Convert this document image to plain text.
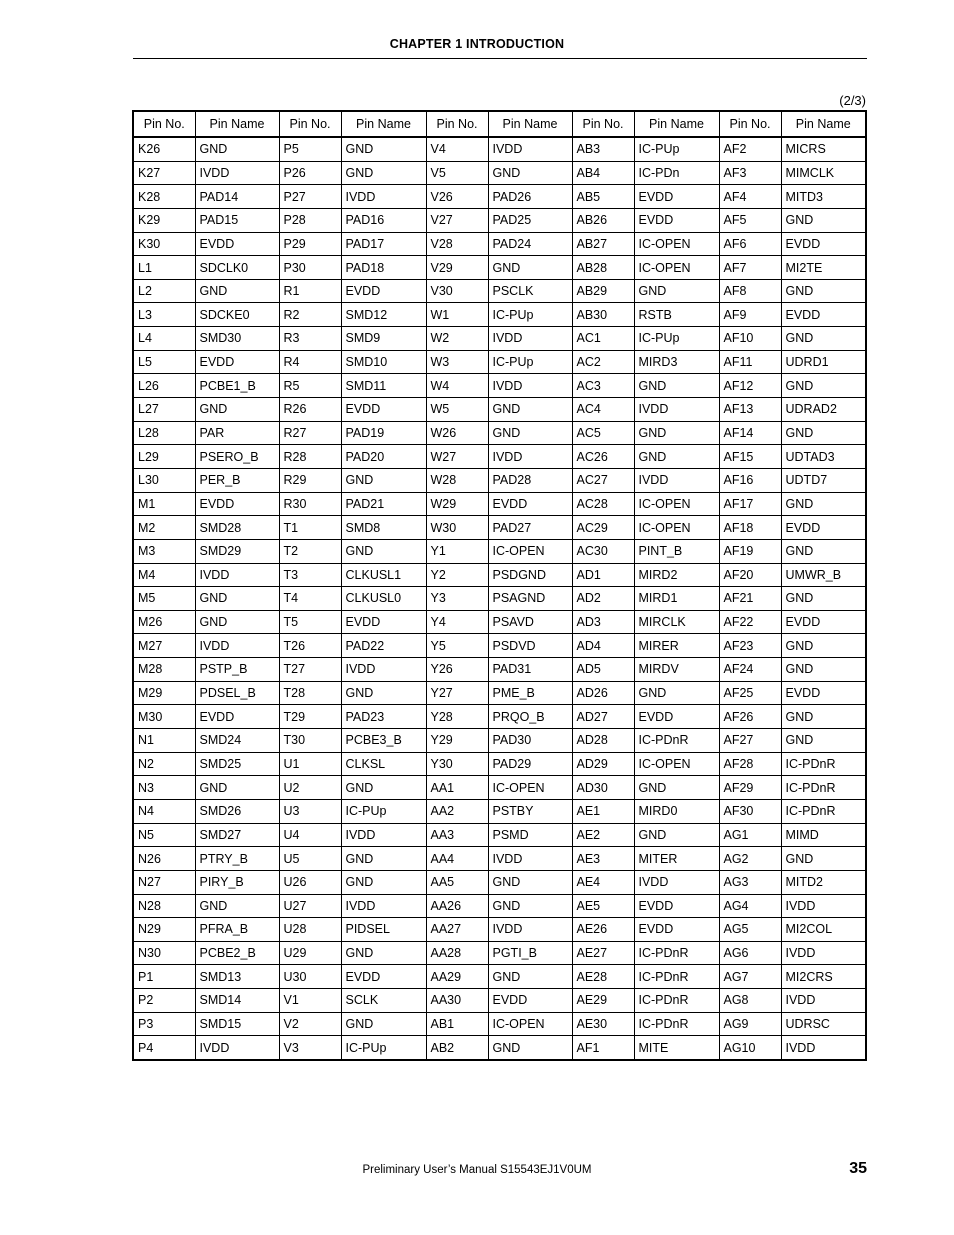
CHAPTER 1 INTRODUCTION
(2/3)
Pin No.	Pin Name	Pin No.	Pin Name	Pin No.	Pin Name	Pin No.	Pin Name	Pin No.	Pin Name
K26	GND	P5	GND	V4	IVDD	AB3	IC-PUp	AF2	MICRS
K27	IVDD	P26	GND	V5	GND	AB4	IC-PDn	AF3	MIMCLK
K28	PAD14	P27	IVDD	V26	PAD26	AB5	EVDD	AF4	MITD3
K29	PAD15	P28	PAD16	V27	PAD25	AB26	EVDD	AF5	GND
K30	EVDD	P29	PAD17	V28	PAD24	AB27	IC-OPEN	AF6	EVDD
L1	SDCLK0	P30	PAD18	V29	GND	AB28	IC-OPEN	AF7	MI2TE
L2	GND	R1	EVDD	V30	PSCLK	AB29	GND	AF8	GND
L3	SDCKE0	R2	SMD12	W1	IC-PUp	AB30	RSTB	AF9	EVDD
L4	SMD30	R3	SMD9	W2	IVDD	AC1	IC-PUp	AF10	GND
L5	EVDD	R4	SMD10	W3	IC-PUp	AC2	MIRD3	AF11	UDRD1
L26	PCBE1_B	R5	SMD11	W4	IVDD	AC3	GND	AF12	GND
L27	GND	R26	EVDD	W5	GND	AC4	IVDD	AF13	UDRAD2
L28	PAR	R27	PAD19	W26	GND	AC5	GND	AF14	GND
L29	PSERO_B	R28	PAD20	W27	IVDD	AC26	GND	AF15	UDTAD3
L30	PER_B	R29	GND	W28	PAD28	AC27	IVDD	AF16	UDTD7
M1	EVDD	R30	PAD21	W29	EVDD	AC28	IC-OPEN	AF17	GND
M2	SMD28	T1	SMD8	W30	PAD27	AC29	IC-OPEN	AF18	EVDD
M3	SMD29	T2	GND	Y1	IC-OPEN	AC30	PINT_B	AF19	GND
M4	IVDD	T3	CLKUSL1	Y2	PSDGND	AD1	MIRD2	AF20	UMWR_B
M5	GND	T4	CLKUSL0	Y3	PSAGND	AD2	MIRD1	AF21	GND
M26	GND	T5	EVDD	Y4	PSAVD	AD3	MIRCLK	AF22	EVDD
M27	IVDD	T26	PAD22	Y5	PSDVD	AD4	MIRER	AF23	GND
M28	PSTP_B	T27	IVDD	Y26	PAD31	AD5	MIRDV	AF24	GND
M29	PDSEL_B	T28	GND	Y27	PME_B	AD26	GND	AF25	EVDD
M30	EVDD	T29	PAD23	Y28	PRQO_B	AD27	EVDD	AF26	GND
N1	SMD24	T30	PCBE3_B	Y29	PAD30	AD28	IC-PDnR	AF27	GND
N2	SMD25	U1	CLKSL	Y30	PAD29	AD29	IC-OPEN	AF28	IC-PDnR
N3	GND	U2	GND	AA1	IC-OPEN	AD30	GND	AF29	IC-PDnR
N4	SMD26	U3	IC-PUp	AA2	PSTBY	AE1	MIRD0	AF30	IC-PDnR
N5	SMD27	U4	IVDD	AA3	PSMD	AE2	GND	AG1	MIMD
N26	PTRY_B	U5	GND	AA4	IVDD	AE3	MITER	AG2	GND
N27	PIRY_B	U26	GND	AA5	GND	AE4	IVDD	AG3	MITD2
N28	GND	U27	IVDD	AA26	GND	AE5	EVDD	AG4	IVDD
N29	PFRA_B	U28	PIDSEL	AA27	IVDD	AE26	EVDD	AG5	MI2COL
N30	PCBE2_B	U29	GND	AA28	PGTI_B	AE27	IC-PDnR	AG6	IVDD
P1	SMD13	U30	EVDD	AA29	GND	AE28	IC-PDnR	AG7	MI2CRS
P2	SMD14	V1	SCLK	AA30	EVDD	AE29	IC-PDnR	AG8	IVDD
P3	SMD15	V2	GND	AB1	IC-OPEN	AE30	IC-PDnR	AG9	UDRSC
P4	IVDD	V3	IC-PUp	AB2	GND	AF1	MITE	AG10	IVDD
Preliminary User’s Manual S15543EJ1V0UM	35
